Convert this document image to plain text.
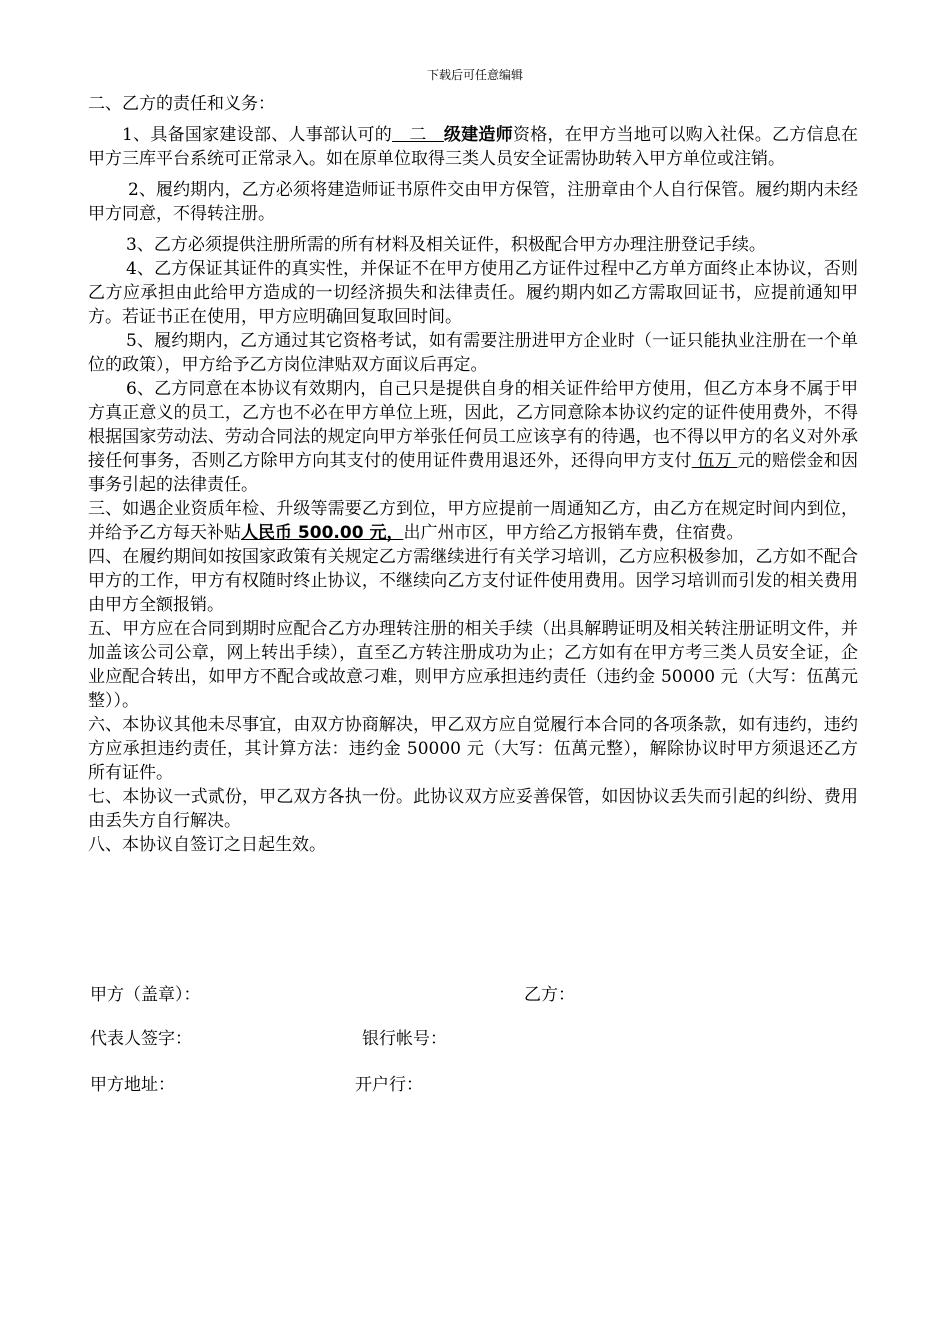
下载后可任意编辑

二、乙方的责任和义务：

1、具备国家建设部、人事部认可的　二　级建造师资格，在甲方当地可以购入社保。乙方信息在甲方三库平台系统可正常录入。如在原单位取得三类人员安全证需协助转入甲方单位或注销。

2、履约期内，乙方必须将建造师证书原件交由甲方保管，注册章由个人自行保管。履约期内未经甲方同意，不得转注册。

3、乙方必须提供注册所需的所有材料及相关证件，积极配合甲方办理注册登记手续。

4、乙方保证其证件的真实性，并保证不在甲方使用乙方证件过程中乙方单方面终止本协议，否则乙方应承担由此给甲方造成的一切经济损失和法律责任。履约期内如乙方需取回证书，应提前通知甲方。若证书正在使用，甲方应明确回复取回时间。

5、履约期内，乙方通过其它资格考试，如有需要注册进甲方企业时（一证只能执业注册在一个单位的政策），甲方给予乙方岗位津贴双方面议后再定。

6、乙方同意在本协议有效期内，自己只是提供自身的相关证件给甲方使用，但乙方本身不属于甲方真正意义的员工，乙方也不必在甲方单位上班，因此，乙方同意除本协议约定的证件使用费外，不得根据国家劳动法、劳动合同法的规定向甲方举张任何员工应该享有的待遇，也不得以甲方的名义对外承接任何事务，否则乙方除甲方向其支付的使用证件费用退还外，还得向甲方支付 伍万 元的赔偿金和因事务引起的法律责任。

三、如遇企业资质年检、升级等需要乙方到位，甲方应提前一周通知乙方，由乙方在规定时间内到位，并给予乙方每天补贴人民币 500.00 元，出广州市区，甲方给乙方报销车费，住宿费。

四、在履约期间如按国家政策有关规定乙方需继续进行有关学习培训，乙方应积极参加，乙方如不配合甲方的工作，甲方有权随时终止协议，不继续向乙方支付证件使用费用。因学习培训而引发的相关费用由甲方全额报销。

五、甲方应在合同到期时应配合乙方办理转注册的相关手续（出具解聘证明及相关转注册证明文件，并加盖该公司公章，网上转出手续），直至乙方转注册成功为止；乙方如有在甲方考三类人员安全证，企业应配合转出，如甲方不配合或故意刁难，则甲方应承担违约责任（违约金 50000 元（大写：伍萬元整））。

六、本协议其他未尽事宜，由双方协商解决，甲乙双方应自觉履行本合同的各项条款，如有违约，违约方应承担违约责任，其计算方法：违约金 50000 元（大写：伍萬元整），解除协议时甲方须退还乙方所有证件。

七、本协议一式贰份，甲乙双方各执一份。此协议双方应妥善保管，如因协议丢失而引起的纠纷、费用由丢失方自行解决。

八、本协议自签订之日起生效。

甲方（盖章）：	乙方：
代表人签字：	银行帐号：
甲方地址：	开户行：
